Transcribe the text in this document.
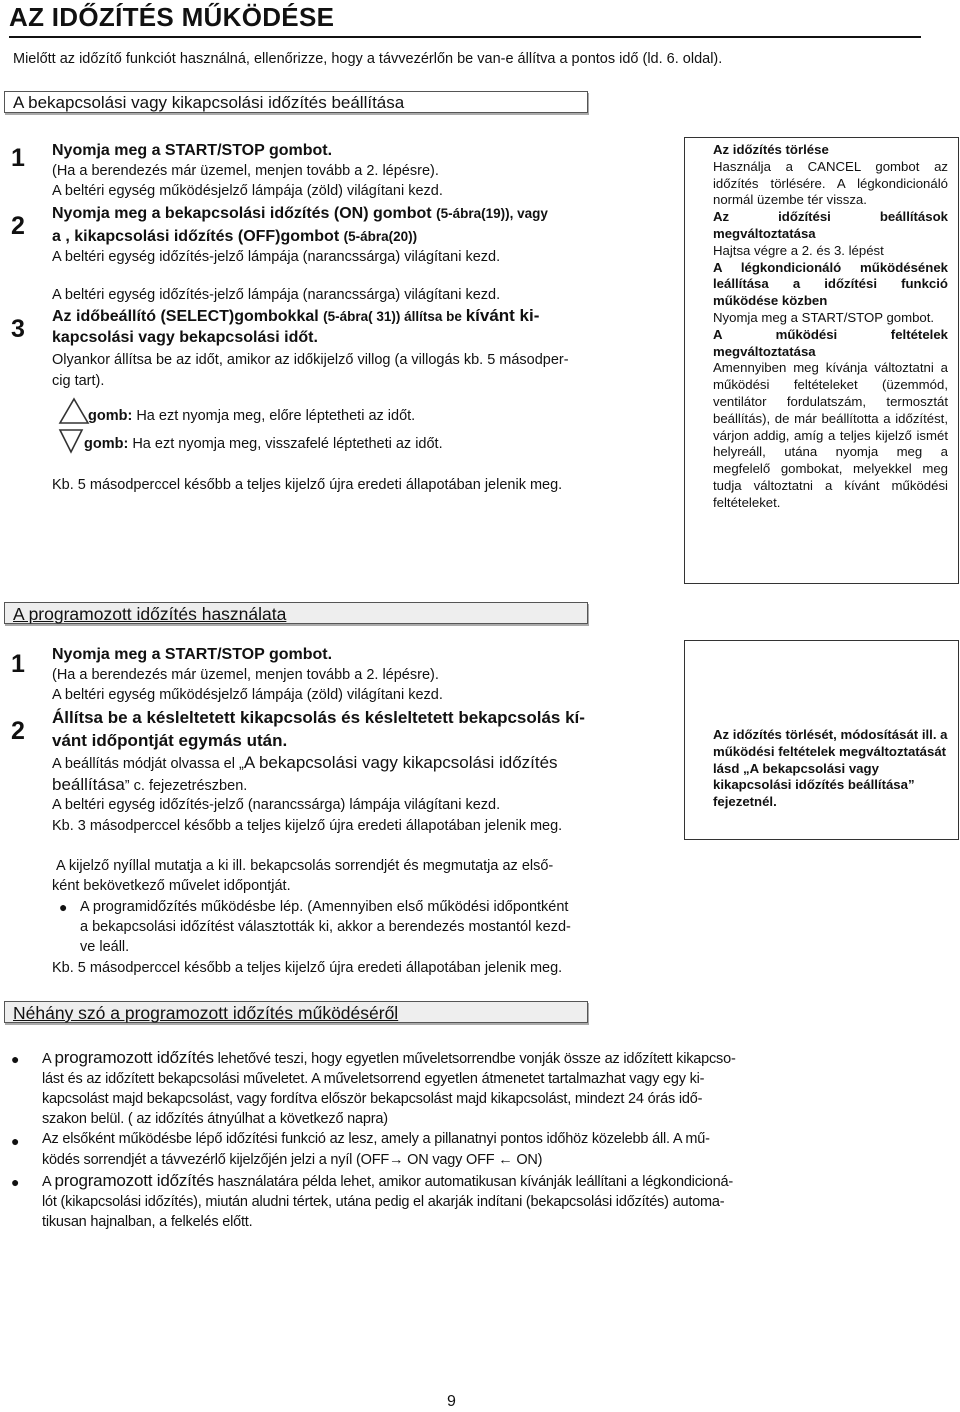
AZ IDŐZÍTÉS MŰKÖDÉSE
Mielőtt az időzítő funkciót használná, ellenőrizze, hogy a távvezérlőn be van-e állítva a pontos idő (ld. 6. oldal).
A bekapcsolási vagy kikapcsolási időzítés beállítása
1 Nyomja meg a START/STOP gombot.
(Ha a berendezés már üzemel, menjen tovább a 2. lépésre).
A beltéri egység működésjelző lámpája (zöld) világítani kezd.
2 Nyomja meg a bekapcsolási időzítés (ON) gombot (5-ábra(19)), vagy
a , kikapcsolási időzítés (OFF)gombot (5-ábra(20))
A beltéri egység időzítés-jelző lámpája (narancssárga) világítani kezd.
A beltéri egység időzítés-jelző lámpája (narancssárga) világítani kezd.
3 Az időbeállító (SELECT)gombokkal (5-ábra( 31)) állítsa be kívánt ki-
kapcsolási vagy bekapcsolási időt.
Olyankor állítsa be az időt, amikor az időkijelző villog (a villogás kb. 5 másodper-
cig tart).
gomb: Ha ezt nyomja meg, előre léptetheti az időt.
gomb: Ha ezt nyomja meg, visszafelé léptetheti az időt.
Kb. 5 másodperccel később a teljes kijelző újra eredeti állapotában jelenik meg.

Az időzítés törlése

Használja a CANCEL gombot az időzítés törlésére. A légkondicionáló normál üzembe tér vissza.

Az időzítési beállítások megváltoztatása

Hajtsa végre a 2. és 3. lépést

A légkondicionáló működésének leállítása a időzítési funkció működése közben

Nyomja meg a START/STOP gombot.

A működési feltételek megváltoztatása

Amennyiben meg kívánja változtatni a működési feltételeket (üzemmód, ventilátor fordulatszám, termosztát beállítás), de már beállította a időzítést, várjon addig, amíg a teljes kijelző ismét helyreáll, utána nyomja meg a megfelelő gombokat, melyekkel meg tudja változtatni a kívánt működési feltételeket.

A programozott időzítés használata
1 Nyomja meg a START/STOP gombot.
(Ha a berendezés már üzemel, menjen tovább a 2. lépésre).
A beltéri egység működésjelző lámpája (zöld) világítani kezd.
2 Állítsa be a késleltetett kikapcsolás és késleltetett bekapcsolás kí-
vánt időpontját egymás után.
A beállítás módját olvassa el „A bekapcsolási vagy kikapcsolási időzítés
beállítása” c. fejezetrészben.
A beltéri egység időzítés-jelző (narancssárga) lámpája világítani kezd.
Kb. 3 másodperccel később a teljes kijelző újra eredeti állapotában jelenik meg.
A kijelző nyíllal mutatja a ki ill. bekapcsolás sorrendjét és megmutatja az első-
ként bekövetkező művelet időpontját.
● A programidőzítés működésbe lép. (Amennyiben első működési időpontként
a bekapcsolási időzítést választották ki, akkor a berendezés mostantól kezd-
ve leáll.
Kb. 5 másodperccel később a teljes kijelző újra eredeti állapotában jelenik meg.

Az időzítés törlését, módosítását ill. a működési feltételek megváltoztatását lásd „A bekapcsolási vagy kikapcsolási időzítés beállítása” fejezetnél.

Néhány szó a programozott időzítés működéséről
● A programozott időzítés lehetővé teszi, hogy egyetlen műveletsorrendbe vonják össze az időzített kikapcso-
lást és az időzített bekapcsolási műveletet. A műveletsorrend egyetlen átmenetet tartalmazhat vagy egy ki-
kapcsolást majd bekapcsolást, vagy fordítva először bekapcsolást majd kikapcsolást, mindezt 24 órás idő-
szakon belül. ( az időzítés átnyúlhat a következő napra)
● Az elsőként működésbe lépő időzítési funkció az lesz, amely a pillanatnyi pontos időhöz közelebb áll. A mű-
ködés sorrendjét a távvezérlő kijelzőjén jelzi a nyíl (OFF→ ON vagy OFF ← ON)
● A programozott időzítés használatára példa lehet, amikor automatikusan kívánják leállítani a légkondicioná-
lót (kikapcsolási időzítés), miután aludni tértek, utána pedig el akarják indítani (bekapcsolási időzítés) automa-
tikusan hajnalban, a felkelés előtt.
9
